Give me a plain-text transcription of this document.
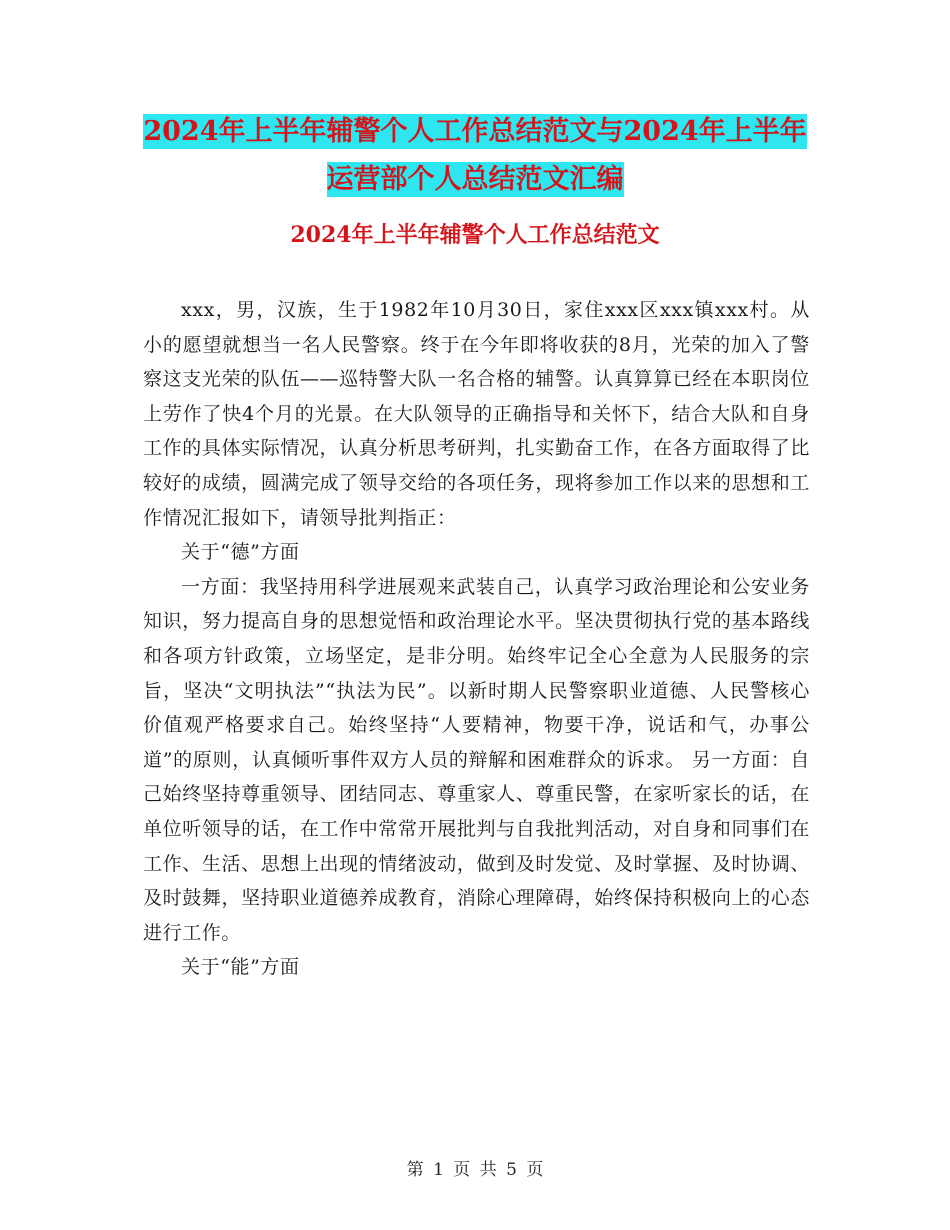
2024年上半年辅警个人工作总结范文与2024年上半年
运营部个人总结范文汇编
2024年上半年辅警个人工作总结范文

xxx，男，汉族，生于1982年10月30日，家住xxx区xxx镇xxx村。从小的愿望就想当一名人民警察。终于在今年即将收获的8月，光荣的加入了警察这支光荣的队伍——巡特警大队一名合格的辅警。认真算算已经在本职岗位上劳作了快4个月的光景。在大队领导的正确指导和关怀下，结合大队和自身工作的具体实际情况，认真分析思考研判，扎实勤奋工作，在各方面取得了比较好的成绩，圆满完成了领导交给的各项任务，现将参加工作以来的思想和工作情况汇报如下，请领导批判指正：

关于“德”方面

一方面：我坚持用科学进展观来武装自己，认真学习政治理论和公安业务知识，努力提高自身的思想觉悟和政治理论水平。坚决贯彻执行党的基本路线和各项方针政策，立场坚定，是非分明。始终牢记全心全意为人民服务的宗旨，坚决“文明执法”“执法为民”。以新时期人民警察职业道德、人民警核心价值观严格要求自己。始终坚持“人要精神，物要干净，说话和气，办事公道”的原则，认真倾听事件双方人员的辩解和困难群众的诉求。 另一方面：自己始终坚持尊重领导、团结同志、尊重家人、尊重民警，在家听家长的话，在单位听领导的话，在工作中常常开展批判与自我批判活动，对自身和同事们在工作、生活、思想上出现的情绪波动，做到及时发觉、及时掌握、及时协调、及时鼓舞，坚持职业道德养成教育，消除心理障碍，始终保持积极向上的心态进行工作。

关于“能”方面

第 1 页 共 5 页
